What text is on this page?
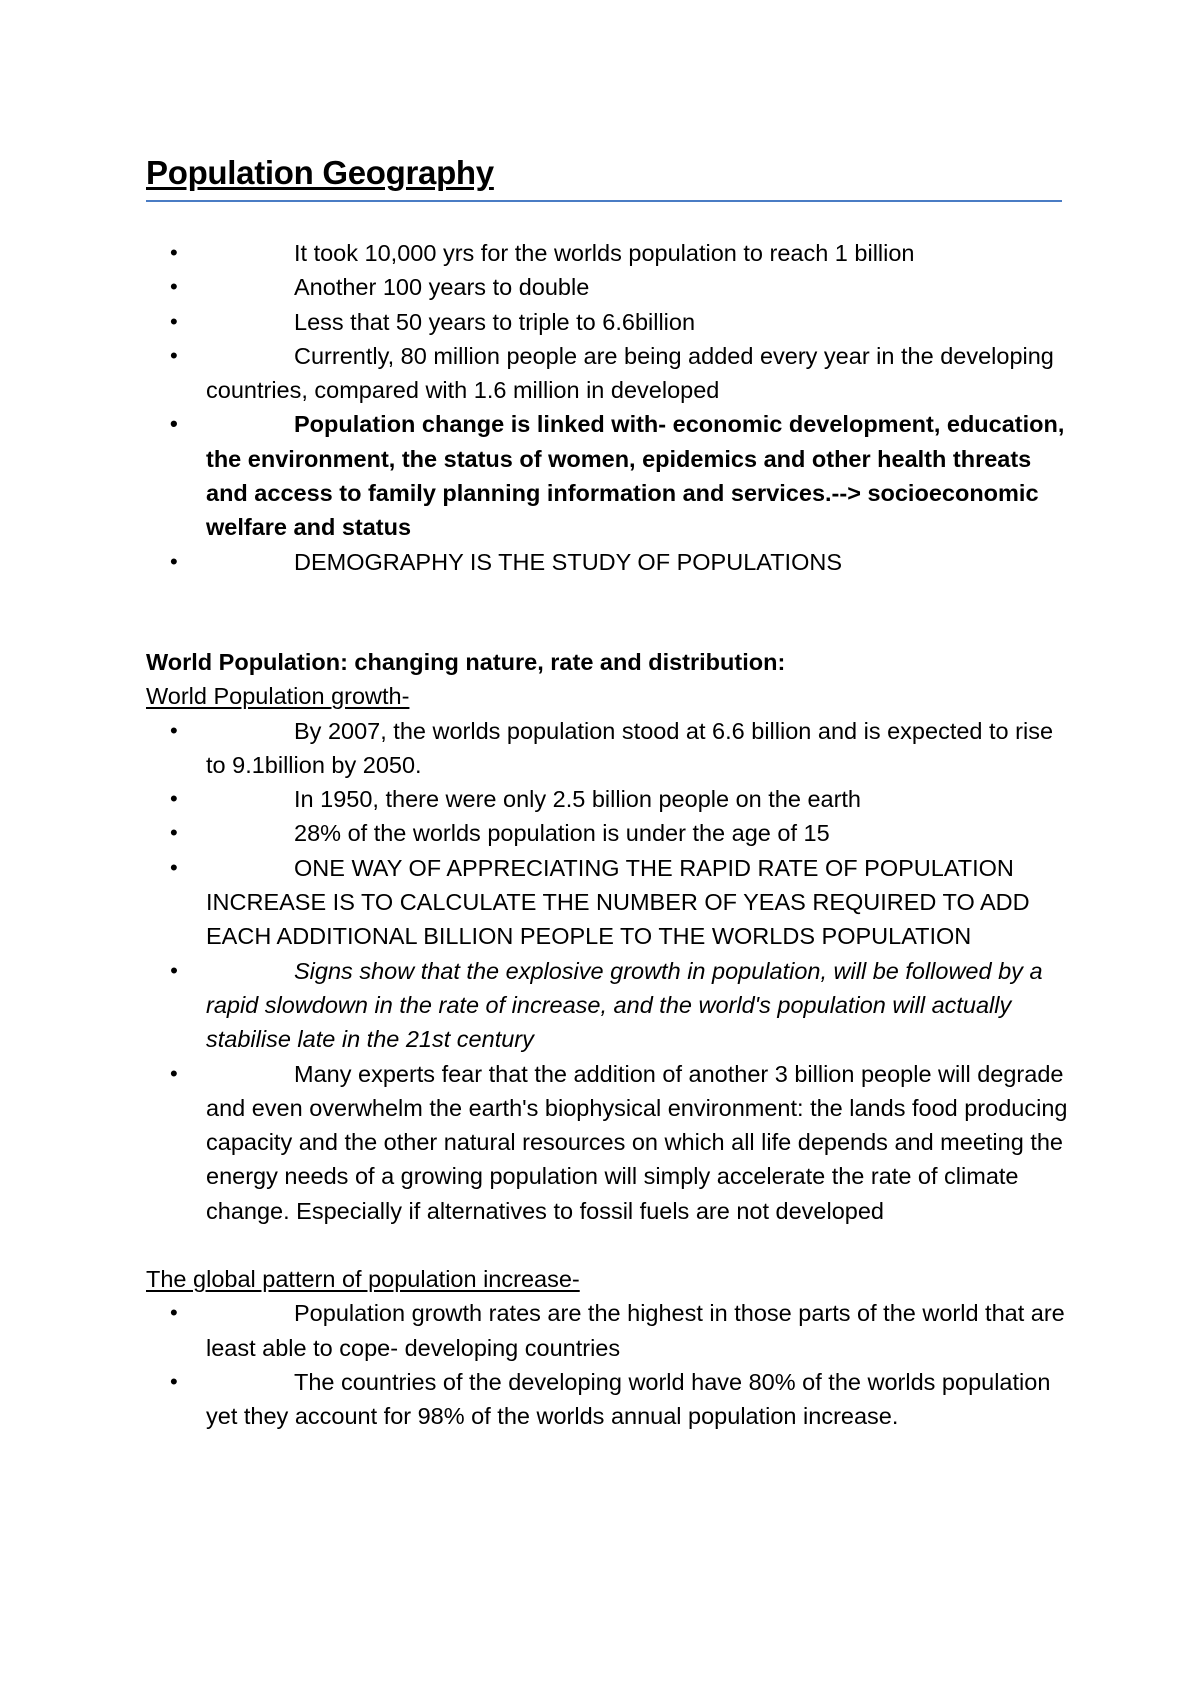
Population Geography
•	It took 10,000 yrs for the worlds population to reach 1 billion
•	Another 100 years to double
•	Less that 50 years to triple to 6.6billion
•	Currently, 80 million people are being added every year in the developing countries, compared with 1.6 million in developed
•	Population change is linked with- economic development, education, the environment, the status of women, epidemics and other health threats and access to family planning information and services.--> socioeconomic welfare and status
•	DEMOGRAPHY IS THE STUDY OF POPULATIONS
World Population: changing nature, rate and distribution:
World Population growth-
•	By 2007, the worlds population stood at 6.6 billion and is expected to rise to 9.1billion by 2050.
•	In 1950, there were only 2.5 billion people on the earth
•	28% of the worlds population is under the age of 15
•	ONE WAY OF APPRECIATING THE RAPID RATE OF POPULATION INCREASE IS TO CALCULATE THE NUMBER OF YEAS REQUIRED TO ADD EACH ADDITIONAL BILLION PEOPLE TO THE WORLDS POPULATION
•	Signs show that the explosive growth in population, will be followed by a rapid slowdown in the rate of increase, and the world's population will actually stabilise late in the 21st century
•	Many experts fear that the addition of another 3 billion people will degrade and even overwhelm the earth's biophysical environment: the lands food producing capacity and the other natural resources on which all life depends and meeting the energy needs of a growing population will simply accelerate the rate of climate change. Especially if alternatives to fossil fuels are not developed
The global pattern of population increase-
•	Population growth rates are the highest in those parts of the world that are least able to cope- developing countries
•	The countries of the developing world have 80% of the worlds population yet they account for 98% of the worlds annual population increase.
